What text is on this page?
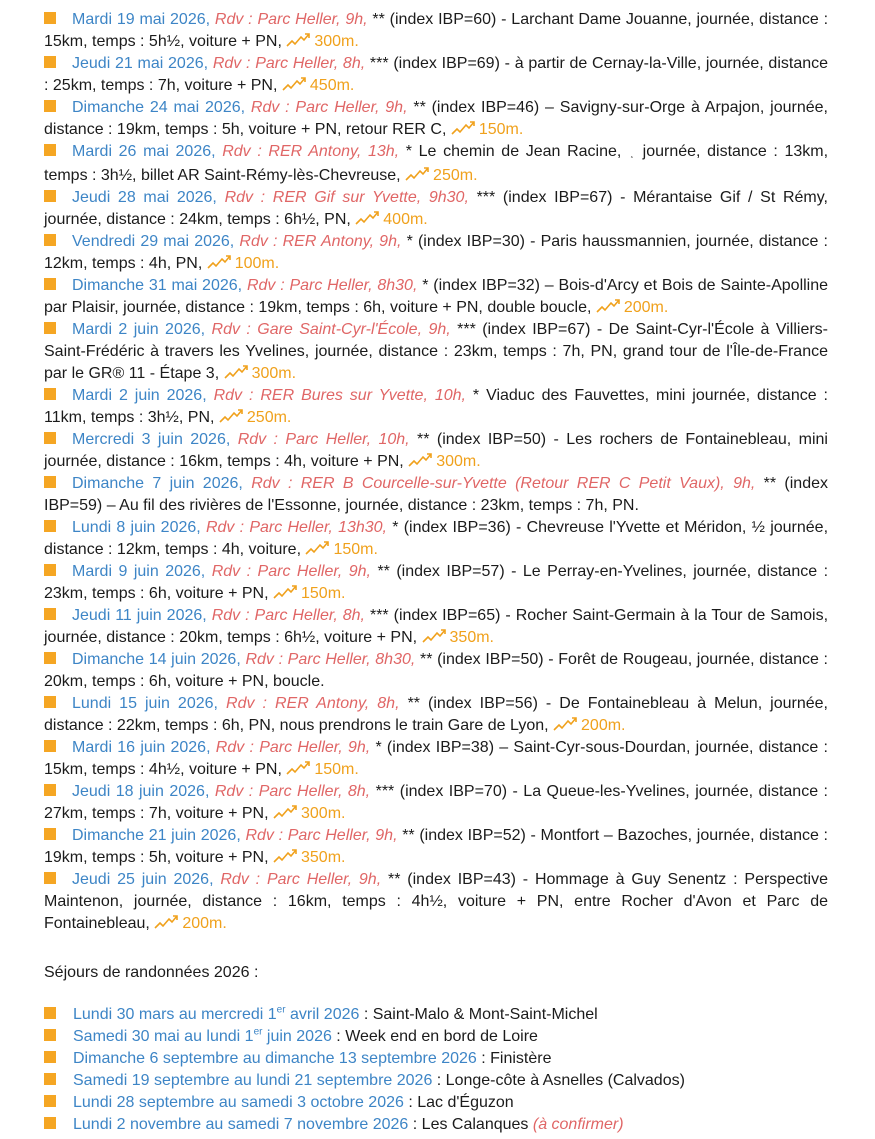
Mardi 19 mai 2026, Rdv : Parc Heller, 9h, ** (index IBP=60) - Larchant Dame Jouanne, journée, distance : 15km, temps : 5h½, voiture + PN, 300m.

Jeudi 21 mai 2026, Rdv : Parc Heller, 8h, *** (index IBP=69) - à partir de Cernay-la-Ville, journée, distance : 25km, temps : 7h, voiture + PN, 450m.

Dimanche 24 mai 2026, Rdv : Parc Heller, 9h, ** (index IBP=46) – Savigny-sur-Orge à Arpajon, journée, distance : 19km, temps : 5h, voiture + PN, retour RER C, 150m.

Mardi 26 mai 2026, Rdv : RER Antony, 13h, * Le chemin de Jean Racine, ¸ journée, distance : 13km, temps : 3h½, billet AR Saint-Rémy-lès-Chevreuse, 250m.

Jeudi 28 mai 2026, Rdv : RER Gif sur Yvette, 9h30, *** (index IBP=67) - Mérantaise Gif / St Rémy, journée, distance : 24km, temps : 6h½, PN, 400m.

Vendredi 29 mai 2026, Rdv : RER Antony, 9h, * (index IBP=30) - Paris haussmannien, journée, distance : 12km, temps : 4h, PN, 100m.

Dimanche 31 mai 2026, Rdv : Parc Heller, 8h30, * (index IBP=32) – Bois-d'Arcy et Bois de Sainte-Apolline par Plaisir, journée, distance : 19km, temps : 6h, voiture + PN, double boucle, 200m.

Mardi 2 juin 2026, Rdv : Gare Saint-Cyr-l'École, 9h, *** (index IBP=67) - De Saint-Cyr-l'École à Villiers-Saint-Frédéric à travers les Yvelines, journée, distance : 23km, temps : 7h, PN, grand tour de l'Île-de-France par le GR® 11 - Étape 3, 300m.

Mardi 2 juin 2026, Rdv : RER Bures sur Yvette, 10h, * Viaduc des Fauvettes, mini journée, distance : 11km, temps : 3h½, PN, 250m.

Mercredi 3 juin 2026, Rdv : Parc Heller, 10h, ** (index IBP=50) - Les rochers de Fontainebleau, mini journée, distance : 16km, temps : 4h, voiture + PN, 300m.

Dimanche 7 juin 2026, Rdv : RER B Courcelle-sur-Yvette (Retour RER C Petit Vaux), 9h, ** (index IBP=59) – Au fil des rivières de l'Essonne, journée, distance : 23km, temps : 7h, PN.

Lundi 8 juin 2026, Rdv : Parc Heller, 13h30, * (index IBP=36) - Chevreuse l'Yvette et Méridon, ½ journée, distance : 12km, temps : 4h, voiture, 150m.

Mardi 9 juin 2026, Rdv : Parc Heller, 9h, ** (index IBP=57) - Le Perray-en-Yvelines, journée, distance : 23km, temps : 6h, voiture + PN, 150m.

Jeudi 11 juin 2026, Rdv : Parc Heller, 8h, *** (index IBP=65) - Rocher Saint-Germain à la Tour de Samois, journée, distance : 20km, temps : 6h½, voiture + PN, 350m.

Dimanche 14 juin 2026, Rdv : Parc Heller, 8h30, ** (index IBP=50) - Forêt de Rougeau, journée, distance : 20km, temps : 6h, voiture + PN, boucle.

Lundi 15 juin 2026, Rdv : RER Antony, 8h, ** (index IBP=56) - De Fontainebleau à Melun, journée, distance : 22km, temps : 6h, PN, nous prendrons le train Gare de Lyon, 200m.

Mardi 16 juin 2026, Rdv : Parc Heller, 9h, * (index IBP=38) – Saint-Cyr-sous-Dourdan, journée, distance : 15km, temps : 4h½, voiture + PN, 150m.

Jeudi 18 juin 2026, Rdv : Parc Heller, 8h, *** (index IBP=70) - La Queue-les-Yvelines, journée, distance : 27km, temps : 7h, voiture + PN, 300m.

Dimanche 21 juin 2026, Rdv : Parc Heller, 9h, ** (index IBP=52) - Montfort – Bazoches, journée, distance : 19km, temps : 5h, voiture + PN, 350m.

Jeudi 25 juin 2026, Rdv : Parc Heller, 9h, ** (index IBP=43) - Hommage à Guy Senentz : Perspective Maintenon, journée, distance : 16km, temps : 4h½, voiture + PN, entre Rocher d'Avon et Parc de Fontainebleau, 200m.

Séjours de randonnées 2026 :

Lundi 30 mars au mercredi 1er avril 2026 : Saint-Malo & Mont-Saint-Michel

Samedi 30 mai au lundi 1er juin 2026 : Week end en bord de Loire

Dimanche 6 septembre au dimanche 13 septembre 2026 : Finistère

Samedi 19 septembre au lundi 21 septembre 2026 : Longe-côte à Asnelles (Calvados)

Lundi 28 septembre au samedi 3 octobre 2026 : Lac d'Éguzon

Lundi 2 novembre au samedi 7 novembre 2026 : Les Calanques (à confirmer)
